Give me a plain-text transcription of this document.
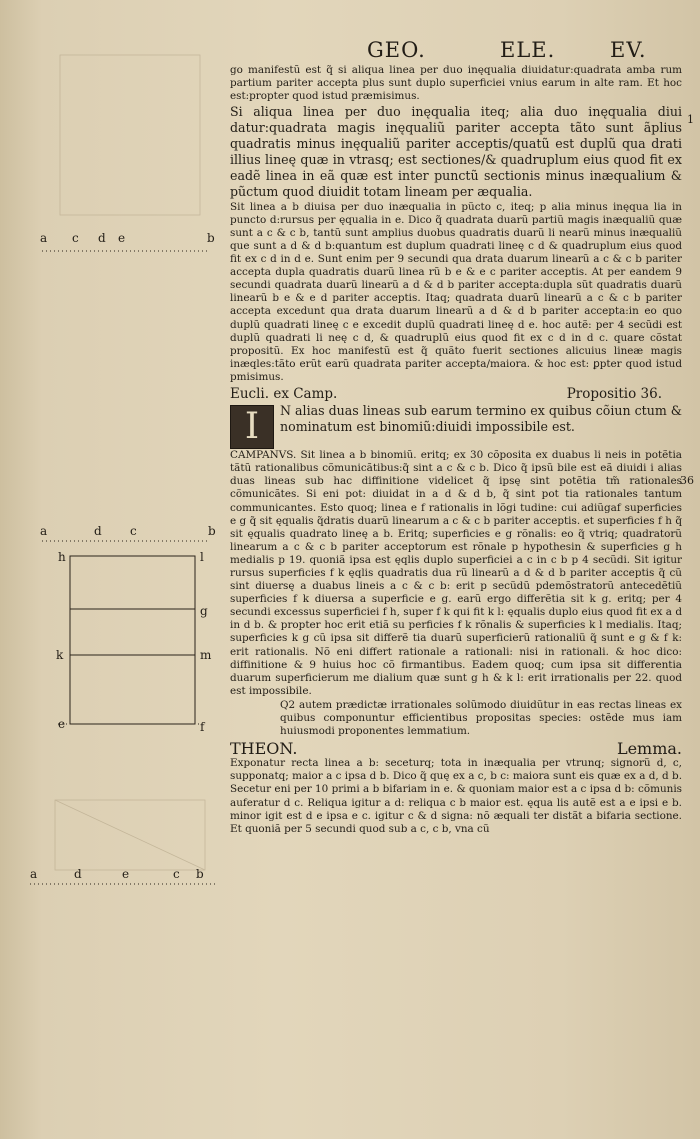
GEO.	ELE.	EV.
1
36
a c d e	b
a	d c	b
h	l
g
k	m
e	f
a	d	e	c b

go manifestũ est q̃ si aliqua linea per duo inęqualia diuidatur:quadrata amba rum partium pariter accepta plus sunt duplo superficiei vnius earum in alte ram. Et hoc est:propter quod istud præmisimus.

Si aliqua linea per duo inęqualia iteq; alia duo inęqualia diui datur:quadrata magis inęqualiũ pariter accepta tãto sunt ãplius quadratis minus inęqualiũ pariter acceptis/quatũ est duplũ qua drati illius lineę quæ in vtrasq; est sectiones/& quadruplum eius quod fit ex eadẽ linea in eã quæ est inter punctũ sectionis minus inæqualium & pũctum quod diuidit totam lineam per æqualia.

Sit linea a b diuisa per duo inæqualia in pũcto c, iteq; p alia minus inęqua lia in puncto d:rursus per ęqualia in e. Dico q̃ quadrata duarũ partiũ magis inæqualiũ quæ sunt a c & c b, tantũ sunt amplius duobus quadratis duarũ li nearũ minus inæqualiũ que sunt a d & d b:quantum est duplum quadrati lineę c d & quadruplum eius quod fit ex c d in d e. Sunt enim per 9 secundi qua drata duarum linearũ a c & c b pariter accepta dupla quadratis duarũ linea rũ b e & e c pariter acceptis. At per eandem 9 secundi quadrata duarũ linearũ a d & d b pariter accepta:dupla sũt quadratis duarũ linearũ b e & e d pariter acceptis. Itaq; quadrata duarũ linearũ a c & c b pariter accepta excedunt qua drata duarum linearũ a d & d b pariter accepta:in eo quo duplũ quadrati lineę c e excedit duplũ quadrati lineę d e. hoc autẽ: per 4 secũdi est duplũ quadrati li neę c d, & quadruplũ eius quod fit ex c d in d c. quare cõstat propositũ. Ex hoc manifestũ est q̃ quãto fuerit sectiones alicuius lineæ magis inæqles:tãto erũt earũ quadrata pariter accepta/maiora. & hoc est: ꝑpter quod istud pmisimus.

Eucli. ex Camp.	Propositio 36.
I	N alias duas lineas sub earum termino ex quibus cõiun ctum & nominatum est binomiũ:diuidi impossibile est.

CAMPANVS. Sit linea a b binomiũ. eritq; ex 30 cõposita ex duabus li neis in potẽtia tãtũ rationalibus cõmunicãtibus:q̃ sint a c & c b. Dico q̃ ipsũ bile est eã diuidi i alias duas lineas sub hac diffinitione videlicet q̃ ipsę sint potẽtia tm̃ rationales cõmunicãtes. Si eni pot: diuidat in a d & d b, q̃ sint pot tia rationales tantum communicantes. Esto quoq; linea e f rationalis in lõgi tudine: cui adiũgaf superficies e g q̃ sit ęqualis q̃dratis duarũ linearum a c & c b pariter acceptis. et superficies f h q̃ sit ęqualis quadrato lineę a b. Eritq; superficies e g rõnalis: eo q̃ vtriq; quadratorũ linearum a c & c b pariter acceptorum est rõnale p hypothesin & superficies g h medialis p 19. quoniã ipsa est ęqlis duplo superficiei a c in c b p 4 secũdi. Sit igitur rursus superficies f k ęqlis quadratis dua rũ linearũ a d & d b pariter acceptis q̃ cũ sint diuersę a duabus lineis a c & c b: erit p secũdũ pdemõstratorũ antecedẽtiũ superficies f k diuersa a superficie e g. earũ ergo differẽtia sit k g. eritq; per 4 secundi excessus superficiei f h, super f k qui fit k l: ęqualis duplo eius quod fit ex a d in d b. & propter hoc erit etiã su perficies f k rõnalis & superficies k l medialis. Itaq; superficies k g cũ ipsa sit differẽ tia duarũ superficierũ rationaliũ q̃ sunt e g & f k: erit rationalis. Nõ eni differt rationale a rationali: nisi in rationali. & hoc dico: diffinitione & 9 huius hoc cõ firmantibus. Eadem quoq; cum ipsa sit differentia duarum superficierum me dialium quæ sunt g h & k l: erit irrationalis per 22. quod est impossibile.

Q2 autem prædictæ irrationales solũmodo diuidũtur in eas rectas lineas ex quibus componuntur efficientibus propositas species: ostẽde mus iam huiusmodi proponentes lemmatium.

THEON.	Lemma.

Exponatur recta linea a b: seceturq; tota in inæqualia per vtrunq; signorũ d, c, supponatq; maior a c ipsa d b. Dico q̃ quę ex a c, b c: maiora sunt eis quæ ex a d, d b. Secetur eni per 10 primi a b bifariam in e. & quoniam maior est a c ipsa d b: cõmunis auferatur d c. Reliqua igitur a d: reliqua c b maior est. ęqua lis autẽ est a e ipsi e b. minor igit est d e ipsa e c. igitur c & d signa: nõ æquali ter distãt a bifaria sectione. Et quoniã per 5 secundi quod sub a c, c b, vna cũ
